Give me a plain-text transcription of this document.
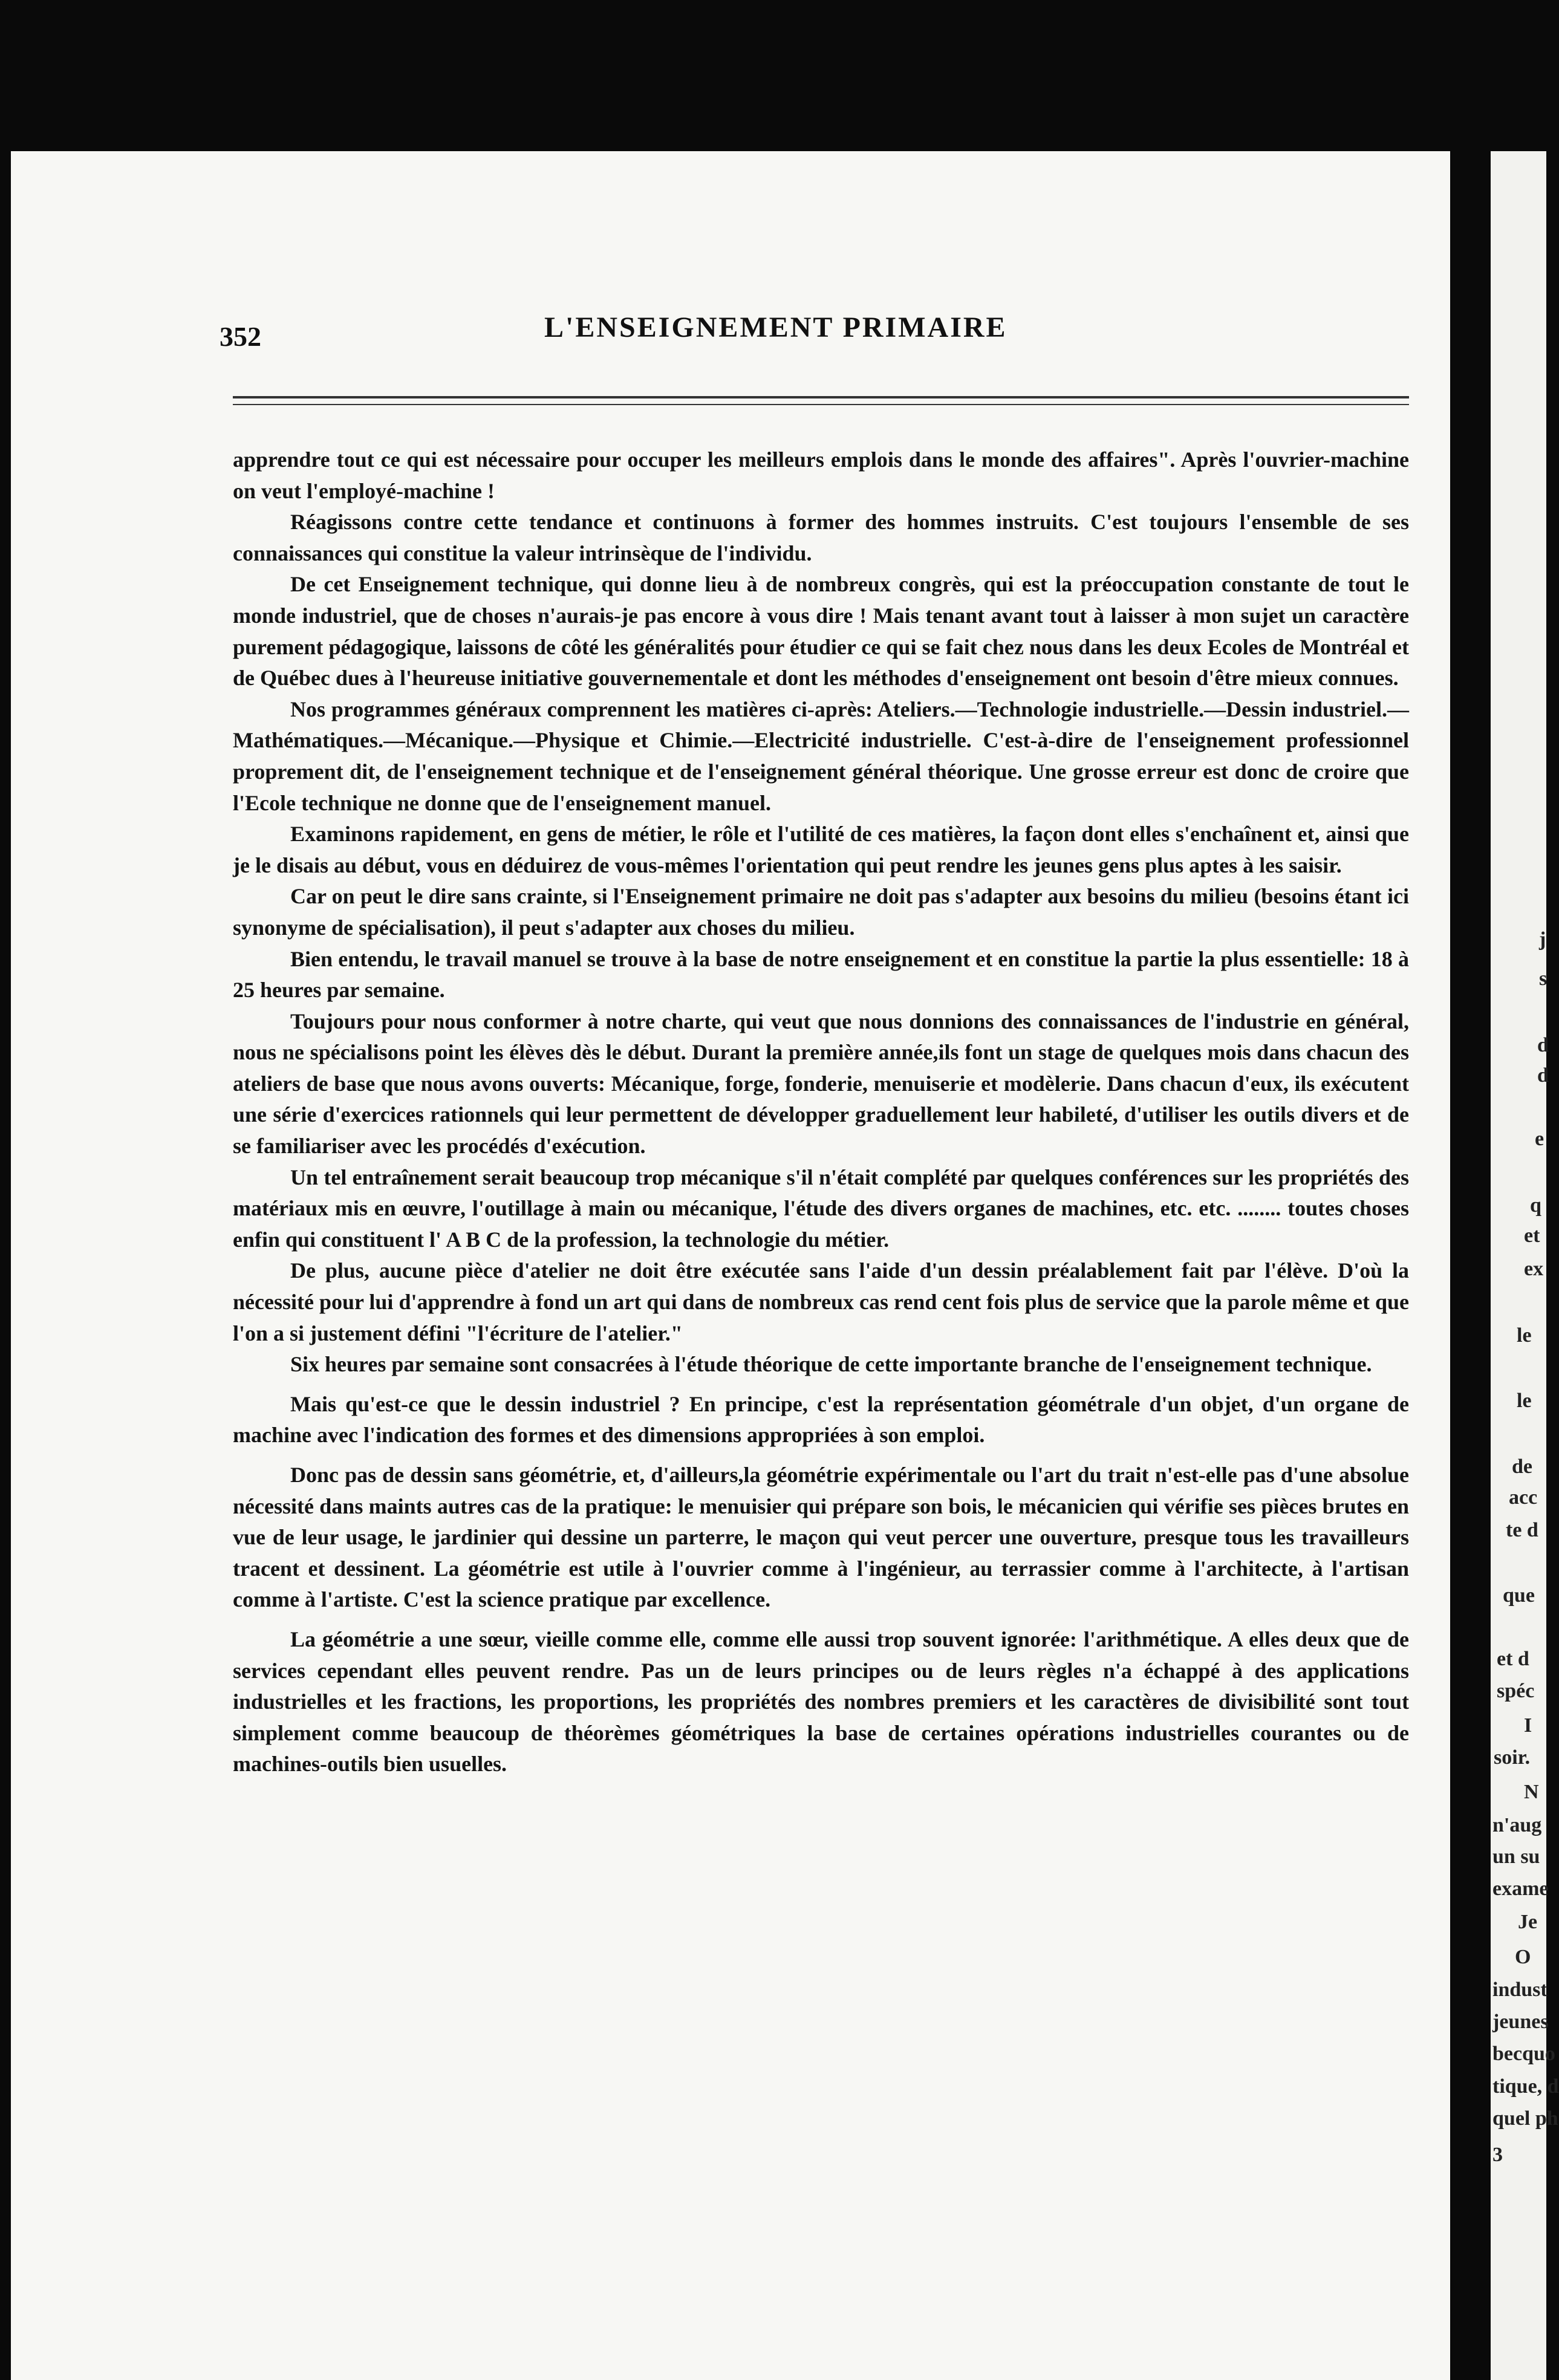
352	L'ENSEIGNEMENT PRIMAIRE

apprendre tout ce qui est nécessaire pour occuper les meilleurs emplois dans le monde des affaires". Après l'ouvrier-machine on veut l'employé-machine !

Réagissons contre cette tendance et continuons à former des hommes instruits. C'est toujours l'ensemble de ses connaissances qui constitue la valeur intrinsèque de l'individu.

De cet Enseignement technique, qui donne lieu à de nombreux congrès, qui est la préoccupation constante de tout le monde industriel, que de choses n'aurais-je pas encore à vous dire ! Mais tenant avant tout à laisser à mon sujet un caractère purement pédagogique, laissons de côté les généralités pour étudier ce qui se fait chez nous dans les deux Ecoles de Montréal et de Québec dues à l'heureuse initiative gouvernementale et dont les méthodes d'enseignement ont besoin d'être mieux connues.

Nos programmes généraux comprennent les matières ci-après: Ateliers.—Technologie industrielle.—Dessin industriel.—Mathématiques.—Mécanique.—Physique et Chimie.—Electricité industrielle. C'est-à-dire de l'enseignement professionnel proprement dit, de l'enseignement technique et de l'enseignement général théorique. Une grosse erreur est donc de croire que l'Ecole technique ne donne que de l'enseignement manuel.

Examinons rapidement, en gens de métier, le rôle et l'utilité de ces matières, la façon dont elles s'enchaînent et, ainsi que je le disais au début, vous en déduirez de vous-mêmes l'orientation qui peut rendre les jeunes gens plus aptes à les saisir.

Car on peut le dire sans crainte, si l'Enseignement primaire ne doit pas s'adapter aux besoins du milieu (besoins étant ici synonyme de spécialisation), il peut s'adapter aux choses du milieu.

Bien entendu, le travail manuel se trouve à la base de notre enseignement et en constitue la partie la plus essentielle: 18 à 25 heures par semaine.

Toujours pour nous conformer à notre charte, qui veut que nous donnions des connaissances de l'industrie en général, nous ne spécialisons point les élèves dès le début. Durant la première année,ils font un stage de quelques mois dans chacun des ateliers de base que nous avons ouverts: Mécanique, forge, fonderie, menuiserie et modèlerie. Dans chacun d'eux, ils exécutent une série d'exercices rationnels qui leur permettent de développer graduellement leur habileté, d'utiliser les outils divers et de se familiariser avec les procédés d'exécution.

Un tel entraînement serait beaucoup trop mécanique s'il n'était complété par quelques conférences sur les propriétés des matériaux mis en œuvre, l'outillage à main ou mécanique, l'étude des divers organes de machines, etc. etc. ........ toutes choses enfin qui constituent l' A B C de la profession, la technologie du métier.

De plus, aucune pièce d'atelier ne doit être exécutée sans l'aide d'un dessin préalablement fait par l'élève. D'où la nécessité pour lui d'apprendre à fond un art qui dans de nombreux cas rend cent fois plus de service que la parole même et que l'on a si justement défini "l'écriture de l'atelier."

Six heures par semaine sont consacrées à l'étude théorique de cette importante branche de l'enseignement technique.

Mais qu'est-ce que le dessin industriel ? En principe, c'est la représentation géométrale d'un objet, d'un organe de machine avec l'indication des formes et des dimensions appropriées à son emploi.

Donc pas de dessin sans géométrie, et, d'ailleurs,la géométrie expérimentale ou l'art du trait n'est-elle pas d'une absolue nécessité dans maints autres cas de la pratique: le menuisier qui prépare son bois, le mécanicien qui vérifie ses pièces brutes en vue de leur usage, le jardinier qui dessine un parterre, le maçon qui veut percer une ouverture, presque tous les travailleurs tracent et dessinent. La géométrie est utile à l'ouvrier comme à l'ingénieur, au terrassier comme à l'architecte, à l'artisan comme à l'artiste. C'est la science pratique par excellence.

La géométrie a une sœur, vieille comme elle, comme elle aussi trop souvent ignorée: l'arithmétique. A elles deux que de services cependant elles peuvent rendre. Pas un de leurs principes ou de leurs règles n'a échappé à des applications industrielles et les fractions, les proportions, les propriétés des nombres premiers et les caractères de divisibilité sont tout simplement comme beaucoup de théorèmes géométriques la base de certaines opérations industrielles courantes ou de machines-outils bien usuelles.

j
s
d
d
e
q
et
ex
le
le
de
acc
te d
que
et d
spéc
I
soir.
N
n'aug
un su
exame
Je
O
indust
jeunes
becquo
tique, d
quel ph
3
